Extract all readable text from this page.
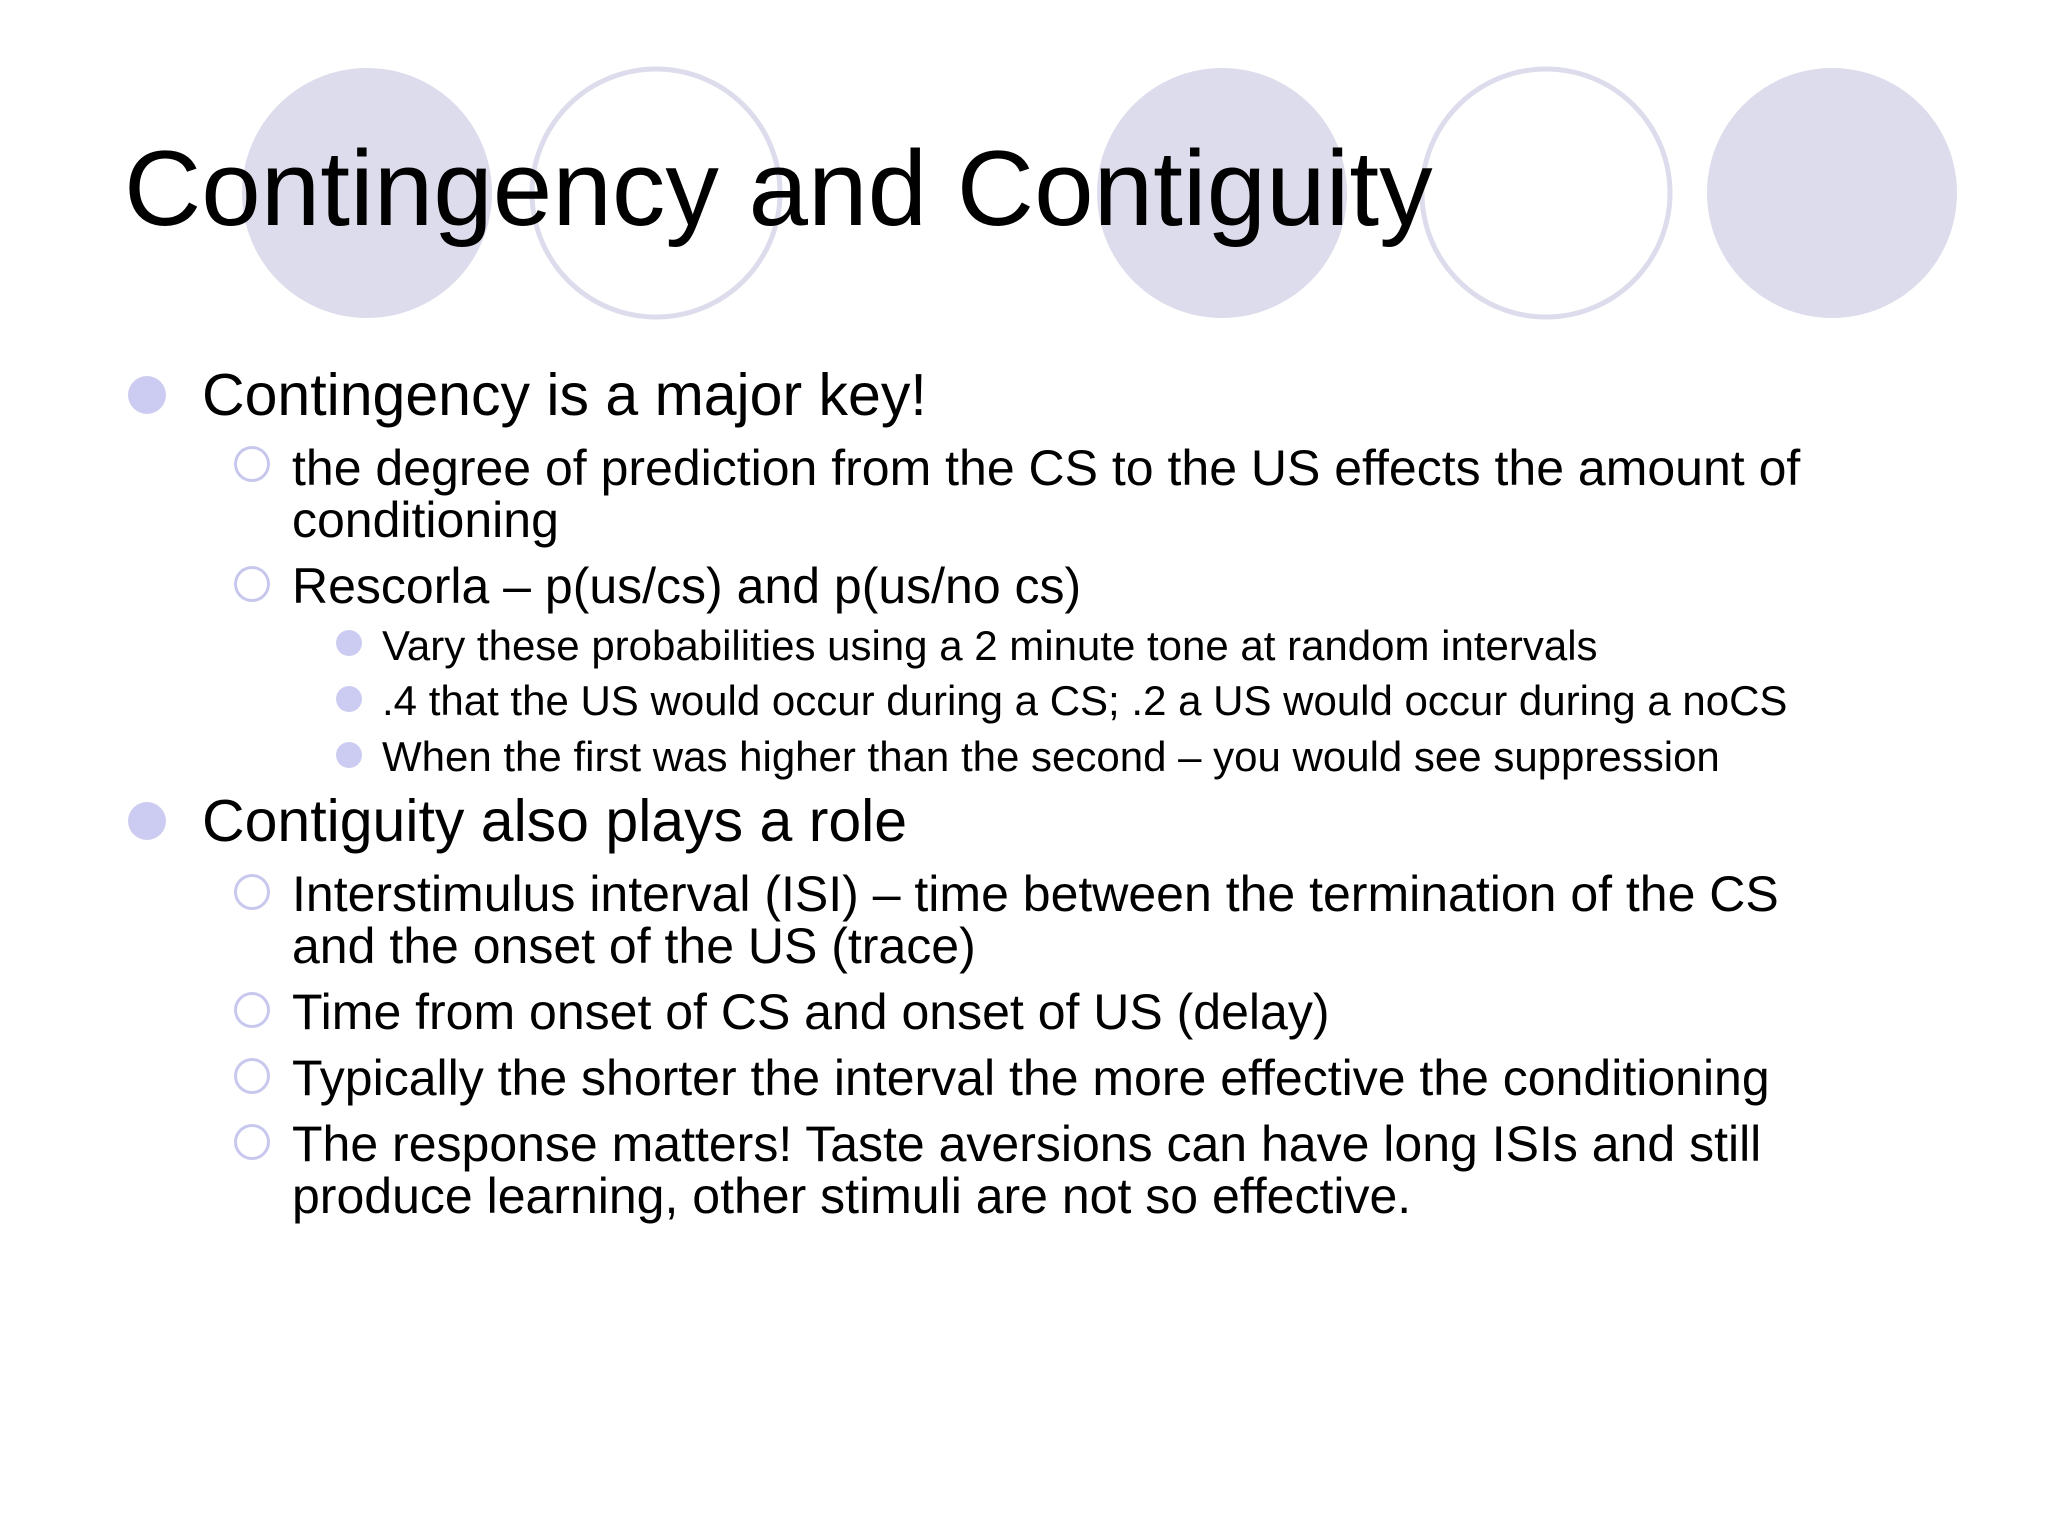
Contingency and Contiguity
Contingency is a major key!
the degree of prediction from the CS to the US effects the amount of
conditioning
Rescorla – p(us/cs) and p(us/no cs)
Vary these probabilities using a 2 minute tone at random intervals
.4 that the US would occur during a CS; .2 a US would occur during a noCS
When the first was higher than the second – you would see suppression
Contiguity also plays a role
Interstimulus interval (ISI) – time between the termination of the CS
and the onset of the US (trace)
Time from onset of CS and onset of US (delay)
Typically the shorter the interval the more effective the conditioning
The response matters! Taste aversions can have long ISIs and still
produce learning, other stimuli are not so effective.
